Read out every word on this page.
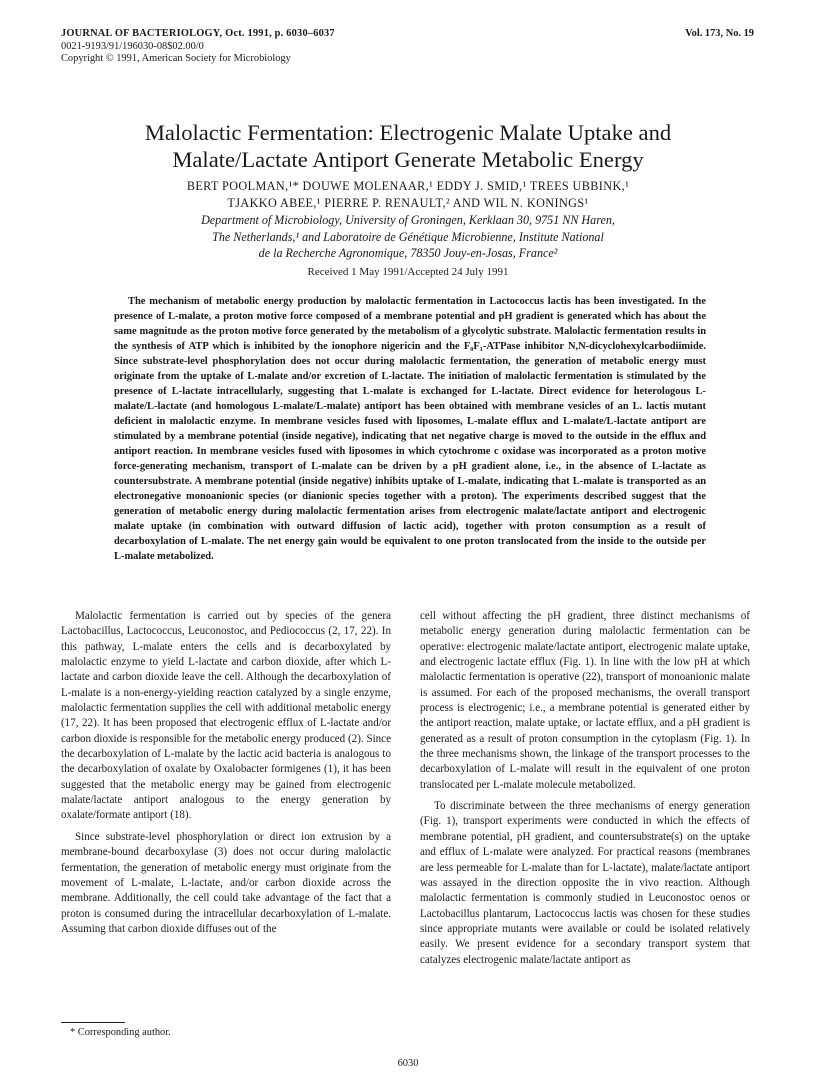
JOURNAL OF BACTERIOLOGY, Oct. 1991, p. 6030–6037
0021-9193/91/196030-08$02.00/0
Copyright © 1991, American Society for Microbiology
Vol. 173, No. 19
Malolactic Fermentation: Electrogenic Malate Uptake and
Malate/Lactate Antiport Generate Metabolic Energy
BERT POOLMAN,¹* DOUWE MOLENAAR,¹ EDDY J. SMID,¹ TREES UBBINK,¹
TJAKKO ABEE,¹ PIERRE P. RENAULT,² AND WIL N. KONINGS¹
Department of Microbiology, University of Groningen, Kerklaan 30, 9751 NN Haren,
The Netherlands,¹ and Laboratoire de Génétique Microbienne, Institute National
de la Recherche Agronomique, 78350 Jouy-en-Josas, France²
Received 1 May 1991/Accepted 24 July 1991
The mechanism of metabolic energy production by malolactic fermentation in Lactococcus lactis has been investigated. In the presence of L-malate, a proton motive force composed of a membrane potential and pH gradient is generated which has about the same magnitude as the proton motive force generated by the metabolism of a glycolytic substrate. Malolactic fermentation results in the synthesis of ATP which is inhibited by the ionophore nigericin and the F₀F₁-ATPase inhibitor N,N-dicyclohexylcarbodiimide. Since substrate-level phosphorylation does not occur during malolactic fermentation, the generation of metabolic energy must originate from the uptake of L-malate and/or excretion of L-lactate. The initiation of malolactic fermentation is stimulated by the presence of L-lactate intracellularly, suggesting that L-malate is exchanged for L-lactate. Direct evidence for heterologous L-malate/L-lactate (and homologous L-malate/L-malate) antiport has been obtained with membrane vesicles of an L. lactis mutant deficient in malolactic enzyme. In membrane vesicles fused with liposomes, L-malate efflux and L-malate/L-lactate antiport are stimulated by a membrane potential (inside negative), indicating that net negative charge is moved to the outside in the efflux and antiport reaction. In membrane vesicles fused with liposomes in which cytochrome c oxidase was incorporated as a proton motive force-generating mechanism, transport of L-malate can be driven by a pH gradient alone, i.e., in the absence of L-lactate as countersubstrate. A membrane potential (inside negative) inhibits uptake of L-malate, indicating that L-malate is transported as an electronegative monoanionic species (or dianionic species together with a proton). The experiments described suggest that the generation of metabolic energy during malolactic fermentation arises from electrogenic malate/lactate antiport and electrogenic malate uptake (in combination with outward diffusion of lactic acid), together with proton consumption as a result of decarboxylation of L-malate. The net energy gain would be equivalent to one proton translocated from the inside to the outside per L-malate metabolized.

Malolactic fermentation is carried out by species of the genera Lactobacillus, Lactococcus, Leuconostoc, and Pediococcus (2, 17, 22). In this pathway, L-malate enters the cells and is decarboxylated by malolactic enzyme to yield L-lactate and carbon dioxide, after which L-lactate and carbon dioxide leave the cell. Although the decarboxylation of L-malate is a non-energy-yielding reaction catalyzed by a single enzyme, malolactic fermentation supplies the cell with additional metabolic energy (17, 22). It has been proposed that electrogenic efflux of L-lactate and/or carbon dioxide is responsible for the metabolic energy produced (2). Since the decarboxylation of L-malate by the lactic acid bacteria is analogous to the decarboxylation of oxalate by Oxalobacter formigenes (1), it has been suggested that the metabolic energy may be gained from electrogenic malate/lactate antiport analogous to the energy generation by oxalate/formate antiport (18).

Since substrate-level phosphorylation or direct ion extrusion by a membrane-bound decarboxylase (3) does not occur during malolactic fermentation, the generation of metabolic energy must originate from the movement of L-malate, L-lactate, and/or carbon dioxide across the membrane. Additionally, the cell could take advantage of the fact that a proton is consumed during the intracellular decarboxylation of L-malate. Assuming that carbon dioxide diffuses out of the

cell without affecting the pH gradient, three distinct mechanisms of metabolic energy generation during malolactic fermentation can be operative: electrogenic malate/lactate antiport, electrogenic malate uptake, and electrogenic lactate efflux (Fig. 1). In line with the low pH at which malolactic fermentation is operative (22), transport of monoanionic malate is assumed. For each of the proposed mechanisms, the overall transport process is electrogenic; i.e., a membrane potential is generated either by the antiport reaction, malate uptake, or lactate efflux, and a pH gradient is generated as a result of proton consumption in the cytoplasm (Fig. 1). In the three mechanisms shown, the linkage of the transport processes to the decarboxylation of L-malate will result in the equivalent of one proton translocated per L-malate molecule metabolized.

To discriminate between the three mechanisms of energy generation (Fig. 1), transport experiments were conducted in which the effects of membrane potential, pH gradient, and countersubstrate(s) on the uptake and efflux of L-malate were analyzed. For practical reasons (membranes are less permeable for L-malate than for L-lactate), malate/lactate antiport was assayed in the direction opposite the in vivo reaction. Although malolactic fermentation is commonly studied in Leuconostoc oenos or Lactobacillus plantarum, Lactococcus lactis was chosen for these studies since appropriate mutants were available or could be isolated relatively easily. We present evidence for a secondary transport system that catalyzes electrogenic malate/lactate antiport as

* Corresponding author.
6030
